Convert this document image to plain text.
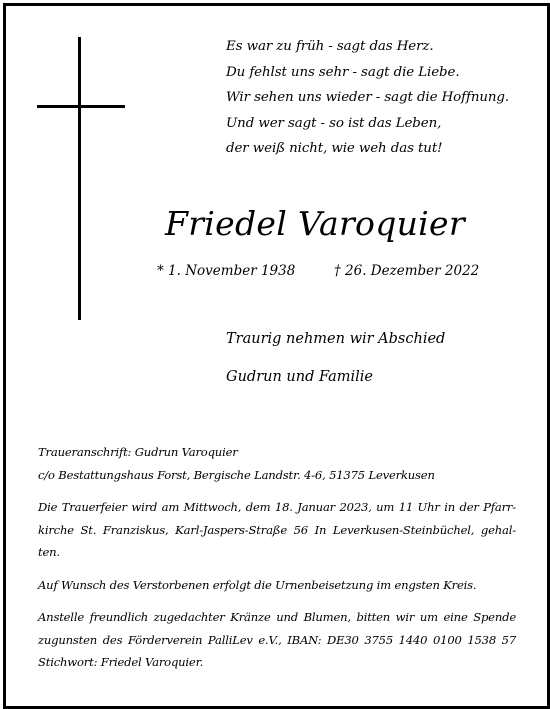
Es war zu früh - sagt das Herz.
Du fehlst uns sehr - sagt die Liebe.
Wir sehen uns wieder - sagt die Hoffnung.
Und wer sagt - so ist das Leben,
der weiß nicht, wie weh das tut!
Friedel Varoquier
* 1. November 1938	† 26. Dezember 2022
Traurig nehmen wir Abschied
Gudrun und Familie

Traueranschrift: Gudrun Varoquier
c/o Bestattungshaus Forst, Bergische Landstr. 4-6, 51375 Leverkusen

Die Trauerfeier wird am Mittwoch, dem 18. Januar 2023, um 11 Uhr in der Pfarr-
kirche St. Franziskus, Karl-Jaspers-Straße 56 In Leverkusen-Steinbüchel, gehal-
ten.

Auf Wunsch des Verstorbenen erfolgt die Urnenbeisetzung im engsten Kreis.

Anstelle freundlich zugedachter Kränze und Blumen, bitten wir um eine Spende
zugunsten des Förderverein PalliLev e.V., IBAN: DE30 3755 1440 0100 1538 57
Stichwort: Friedel Varoquier.
